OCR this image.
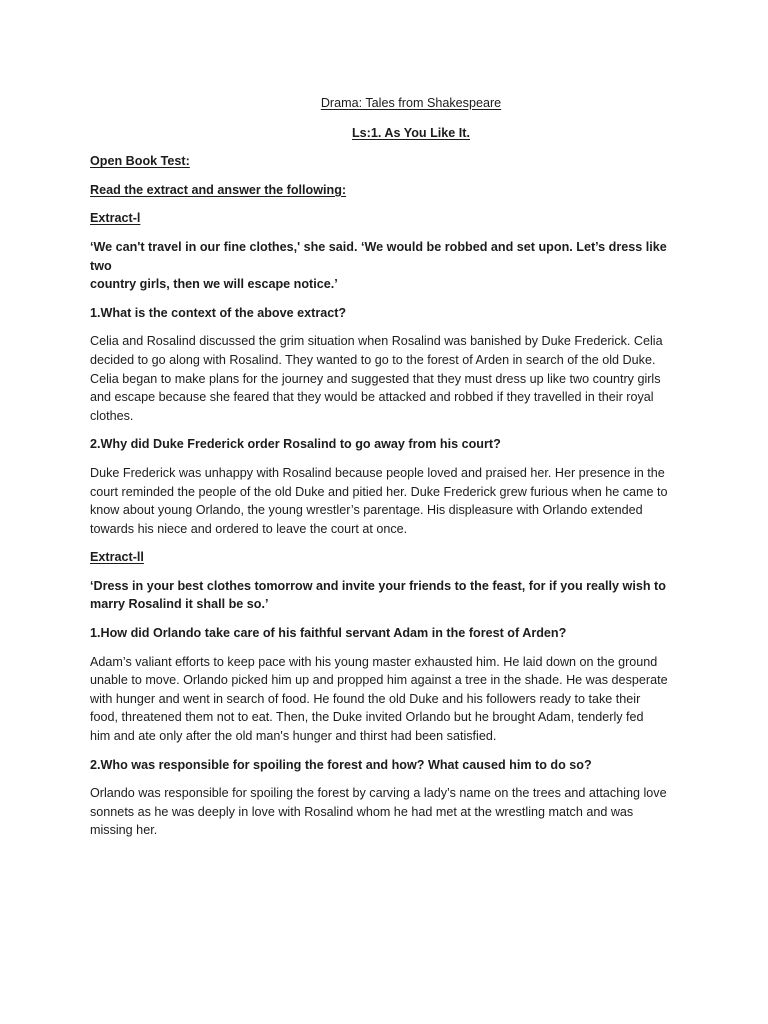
Drama: Tales from Shakespeare

Ls:1. As You Like It.

Open Book Test:

Read the extract and answer the following:

Extract-l

‘We can't travel in our fine clothes,' she said. ‘We would be robbed and set upon. Let’s dress like two
country girls, then we will escape notice.’

1.What is the context of the above extract?

Celia and Rosalind discussed the grim situation when Rosalind was banished by Duke Frederick. Celia
decided to go along with Rosalind. They wanted to go to the forest of Arden in search of the old Duke.
Celia began to make plans for the journey and suggested that they must dress up like two country girls
and escape because she feared that they would be attacked and robbed if they travelled in their royal
clothes.

2.Why did Duke Frederick order Rosalind to go away from his court?

Duke Frederick was unhappy with Rosalind because people loved and praised her. Her presence in the
court reminded the people of the old Duke and pitied her. Duke Frederick grew furious when he came to
know about young Orlando, the young wrestler’s parentage. His displeasure with Orlando extended
towards his niece and ordered to leave the court at once.

Extract-ll

‘Dress in your best clothes tomorrow and invite your friends to the feast, for if you really wish to
marry Rosalind it shall be so.’

1.How did Orlando take care of his faithful servant Adam in the forest of Arden?

Adam’s valiant efforts to keep pace with his young master exhausted him. He laid down on the ground
unable to move. Orlando picked him up and propped him against a tree in the shade. He was desperate
with hunger and went in search of food. He found the old Duke and his followers ready to take their
food, threatened them not to eat. Then, the Duke invited Orlando but he brought Adam, tenderly fed
him and ate only after the old man's hunger and thirst had been satisfied.

2.Who was responsible for spoiling the forest and how? What caused him to do so?

Orlando was responsible for spoiling the forest by carving a lady’s name on the trees and attaching love
sonnets as he was deeply in love with Rosalind whom he had met at the wrestling match and was
missing her.
